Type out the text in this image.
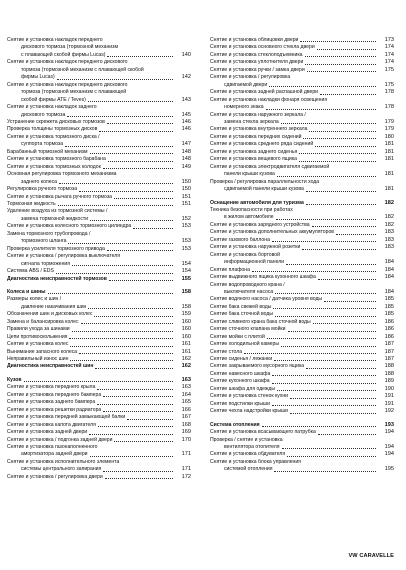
Снятие и установка накладок переднего
дискового тормоза (тормозной механизм
с плавающей скобой фирмы Lucas)	140
Снятие и установка накладок переднего дискового
тормоза (тормозной механизм с плавающей скобой
фирмы Lucas)	142
Снятие и установка накладок переднего дискового
тормоза (тормозной механизм с плавающей
скобой фирмы ATE / Teves)	143
Снятие и установка накладок заднего
дискового тормоза	145
Устранение скрежета дисковых тормозов	146
Проверка толщины тормозных дисков	146
Снятие и установка тормозного диска /
суппорта тормоза	147
Барабанный тормозной механизм	148
Снятие и установка тормозного барабана	148
Снятие и установка тормозных колодок	149
Основная регулировка тормозного механизма
заднего колеса	150
Регулировка ручного тормоза	150
Снятие и установка рычага ручного тормоза	151
Тормозная жидкость	151
Удаление воздуха из тормозной системы /
замена тормозной жидкости	152
Снятие и установка колесного тормозного цилиндра	153
Замена тормозного трубопровода /
тормозного шланга	153
Проверка усилителя тормозного привода	153
Снятие и установка / регулировка выключателя
сигнала торможения	154
Система ABS / EDS	154
Диагностика неисправностей тормозов	155
Колеса и шины	158
Размеры колес и шин /
давление накачивания шин	158
Обозначения шин и дисковых колес	159
Замена и балансировка колес	160
Правили ухода за шинами	160
Цепи противоскольжения	160
Снятие и установка колес	161
Вынимание запасного колеса	161
Неправильный износ шин	162
Диагностика неисправностей шин	162
Кузов	163
Снятие и установка переднего крыла	163
Снятие и установка переднего бампера	164
Снятие и установка заднего бампера	165
Снятие и установка решетки радиатора	166
Снятие и установка передней замыкающей балки	167
Снятие и установка капота двигателя	168
Снятие и установка задней двери	169
Снятие и установка / подгонка задней двери	170
Снятие и установка газонаполненного
амортизатора задней двери	171
Снятие и установка исполнительного элемента
системы центрального запирания	171
Снятие и установка / регулировка двери	172
Снятие и установка облицовки двери	173
Снятие и установка основного стекла двери	174
Снятие и установка стеклоподъемника	174
Снятие и установка уплотнителя двери	174
Снятие и установка ручки / замка двери	175
Снятие и установка / регулировка
сдвигаемой двери	175
Снятие и установка задней раcпашной двери	178
Снятие и установка накладки фонаря освещения
номерного знака	178
Снятие и установка наружного зеркала /
замена стекла зеркала	179
Снятие и установка внутреннего зеркала	179
Снятие и установка передних сидений	180
Снятие и установка среднего ряда сидений	181
Снятие и установка заднего сиденья	181
Снятие и установка вещевого ящика	181
Снятие и установка электродвигателя сдвигаемой
панели крыши кузова	181
Проверка / регулировка параллельности хода
сдвигаемой панели крыши кузова	181
Оснащение автомобиля для туризма	182
Техника безопасности при работах
в жилом автомобиле	182
Снятие и установка зарядного устройства	182
Снятие и установка дополнительных аккумуляторов	183
Снятие газового баллона	183
Снятие и установка наружной розетки	183
Снятие и установка бортовой
информационной панели	184
Снятие плафона	184
Снятие выдвижного ящика кухонного шкафа	184
Снятие водопроводного крана /
выключателя насоса	184
Снятие водяного насоса / датчика уровня воды	185
Снятие бака свежей воды	185
Снятие бака сточной воды	185
Снятие сливного крана бака сточной воды	186
Снятие сточного клапана мойки	186
Снятие мойки с плитой	186
Снятие холодильной камеры	187
Снятие стола	187
Снятие сиденья / лежанки	187
Снятие закрываемого мусорного ящика	188
Снятие навесного шкафа	188
Снятие кухонного шкафа	189
Снятие шкафа для одежды	190
Снятие и установка стенок кухни	191
Снятие подстилки крыши	191
Снятие чехла надстройки крыши	192
Система отопления	193
Снятие и установка всасывающего патрубка	194
Проверка / снятие и установка
вентилятора отопителя	194
Снятие и установка обдувателя	194
Снятие и установка блока управления
системой отопления	195
VW CARAVELLE
